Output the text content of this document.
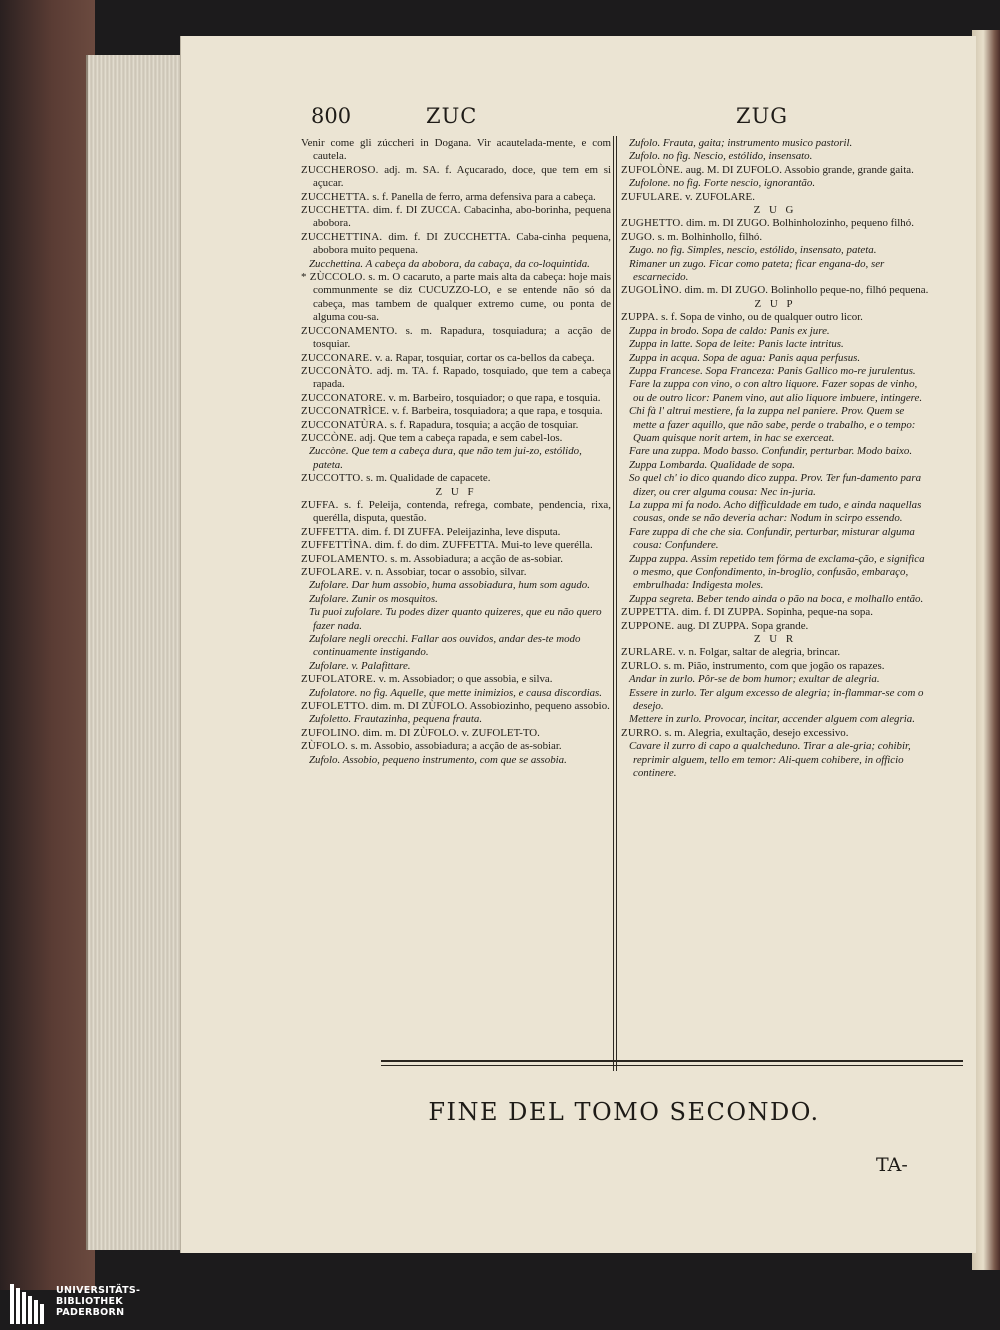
800	ZUC	ZUG

Venir come gli zúccheri in Dogana. Vir acautelada-mente, e com cautela.

ZUCCHEROSO. adj. m. SA. f. Açucarado, doce, que tem em si açucar.

ZUCCHETTA. s. f. Panella de ferro, arma defensiva para a cabeça.

ZUCCHETTA. dim. f. DI ZUCCA. Cabacinha, abo-borinha, pequena abobora.

ZUCCHETTINA. dim. f. DI ZUCCHETTA. Caba-cinha pequena, abobora muito pequena.

Zucchettina. A cabeça da abobora, da cabaça, da co-loquintida.

* ZÙCCOLO. s. m. O cacaruto, a parte mais alta da cabeça: hoje mais communmente se diz CUCUZZO-LO, e se entende não só da cabeça, mas tambem de qualquer extremo cume, ou ponta de alguma cou-sa.

ZUCCONAMENTO. s. m. Rapadura, tosquiadura; a acção de tosquiar.

ZUCCONARE. v. a. Rapar, tosquiar, cortar os ca-bellos da cabeça.

ZUCCONÀTO. adj. m. TA. f. Rapado, tosquiado, que tem a cabeça rapada.

ZUCCONATORE. v. m. Barbeiro, tosquiador; o que rapa, e tosquia.

ZUCCONATRÌCE. v. f. Barbeira, tosquiadora; a que rapa, e tosquia.

ZUCCONATÙRA. s. f. Rapadura, tosquia; a acção de tosquiar.

ZUCCÒNE. adj. Que tem a cabeça rapada, e sem cabel-los.

Zuccòne. Que tem a cabeça dura, que não tem jui-zo, estólido, pateta.

ZUCCOTTO. s. m. Qualidade de capacete.

Z U F

ZUFFA. s. f. Peleija, contenda, refrega, combate, pendencia, rixa, querélla, disputa, questão.

ZUFFETTA. dim. f. DI ZUFFA. Peleijazinha, leve disputa.

ZUFFETTÌNA. dim. f. do dim. ZUFFETTA. Mui-to leve querélla.

ZUFOLAMENTO. s. m. Assobiadura; a acção de as-sobiar.

ZUFOLARE. v. n. Assobiar, tocar o assobio, silvar.

Zufolare. Dar hum assobio, huma assobiadura, hum som agudo.

Zufolare. Zunir os mosquitos.

Tu puoi zufolare. Tu podes dizer quanto quizeres, que eu não quero fazer nada.

Zufolare negli orecchi. Fallar aos ouvidos, andar des-te modo continuamente instigando.

Zufolare. v. Palafittare.

ZUFOLATORE. v. m. Assobiador; o que assobia, e silva.

Zufolatore. no fig. Aquelle, que mette inimizios, e causa discordias.

ZUFOLETTO. dim. m. DI ZÙFOLO. Assobiozinho, pequeno assobio.

Zufoletto. Frautazinha, pequena frauta.

ZUFOLINO. dim. m. DI ZÙFOLO. v. ZUFOLET-TO.

ZÙFOLO. s. m. Assobio, assobiadura; a acção de as-sobiar.

Zufolo. Assobio, pequeno instrumento, com que se assobia.

Zufolo. Frauta, gaita; instrumento musico pastoril.

Zufolo. no fig. Nescio, estólido, insensato.

ZUFOLÒNE. aug. M. DI ZUFOLO. Assobio grande, grande gaita.

Zufolone. no fig. Forte nescio, ignorantão.

ZUFULARE. v. ZUFOLARE.

Z U G

ZUGHETTO. dim. m. DI ZUGO. Bolhinholozinho, pequeno filhó.

ZUGO. s. m. Bolhinhollo, filhó.

Zugo. no fig. Simples, nescio, estólido, insensato, pateta.

Rimaner un zugo. Ficar como pateta; ficar engana-do, ser escarnecido.

ZUGOLÌNO. dim. m. DI ZUGO. Bolinhollo peque-no, filhó pequena.

Z U P

ZUPPA. s. f. Sopa de vinho, ou de qualquer outro licor.

Zuppa in brodo. Sopa de caldo: Panis ex jure.

Zuppa in latte. Sopa de leite: Panis lacte intritus.

Zuppa in acqua. Sopa de agua: Panis aqua perfusus.

Zuppa Francese. Sopa Franceza: Panis Gallico mo-re jurulentus.

Fare la zuppa con vino, o con altro liquore. Fazer sopas de vinho, ou de outro licor: Panem vino, aut alio liquore imbuere, intingere.

Chi fà l' altrui mestiere, fa la zuppa nel paniere. Prov. Quem se mette a fazer aquillo, que não sabe, perde o trabalho, e o tempo: Quam quisque norit artem, in hac se exerceat.

Fare una zuppa. Modo basso. Confundir, perturbar. Modo baixo.

Zuppa Lombarda. Qualidade de sopa.

So quel ch' io dico quando dico zuppa. Prov. Ter fun-damento para dizer, ou crer alguma cousa: Nec in-juria.

La zuppa mi fa nodo. Acho difficuldade em tudo, e ainda naquellas cousas, onde se não deveria achar: Nodum in scirpo essendo.

Fare zuppa di che che sia. Confundir, perturbar, misturar alguma cousa: Confundere.

Zuppa zuppa. Assim repetido tem fórma de exclama-ção, e significa o mesmo, que Confondimento, in-broglio, confusão, embaraço, embrulhada: Indigesta moles.

Zuppa segreta. Beber tendo ainda o pão na boca, e molhallo então.

ZUPPETTA. dim. f. DI ZUPPA. Sopinha, peque-na sopa.

ZUPPONE. aug. DI ZUPPA. Sopa grande.

Z U R

ZURLARE. v. n. Folgar, saltar de alegria, brincar.

ZURLO. s. m. Pião, instrumento, com que jogão os rapazes.

Andar in zurlo. Pôr-se de bom humor; exultar de alegria.

Essere in zurlo. Ter algum excesso de alegria; in-flammar-se com o desejo.

Mettere in zurlo. Provocar, incitar, accender alguem com alegria.

ZURRO. s. m. Alegria, exultação, desejo excessivo.

Cavare il zurro di capo a qualcheduno. Tirar a ale-gria; cohibir, reprimir alguem, tello em temor: Ali-quem cohibere, in officio continere.

FINE DEL TOMO SECONDO.
TA-
UNIVERSITÄTS-
BIBLIOTHEK
PADERBORN
